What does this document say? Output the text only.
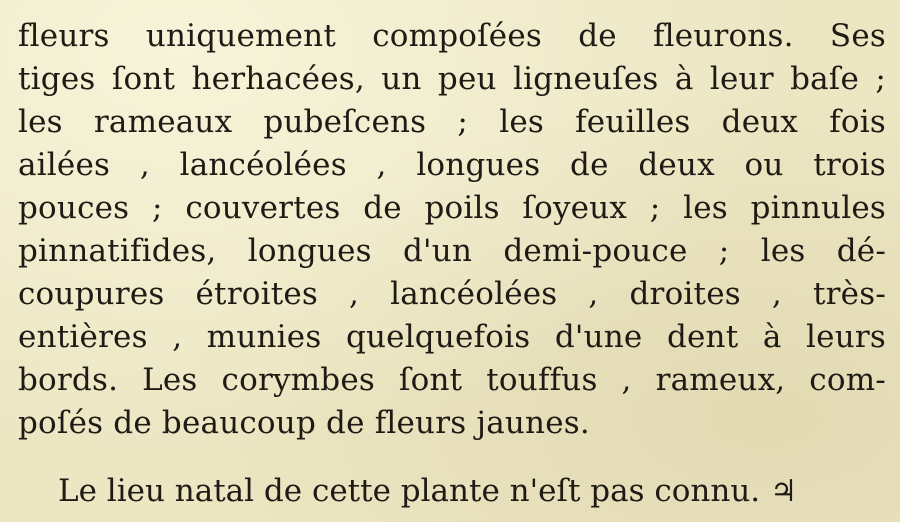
fleurs uniquement compoſées de fleurons. Ses
tiges ſont herhacées, un peu ligneuſes à leur baſe ;
les rameaux pubeſcens ; les feuilles deux fois
ailées , lancéolées , longues de deux ou trois
pouces ; couvertes de poils ſoyeux ; les pinnules
pinnatifides, longues d'un demi-pouce ; les dé-
coupures étroites , lancéolées , droites , très-
entières , munies quelquefois d'une dent à leurs
bords. Les corymbes ſont touffus , rameux, com-
poſés de beaucoup de fleurs jaunes.
Le lieu natal de cette plante n'eſt pas connu. ♃
